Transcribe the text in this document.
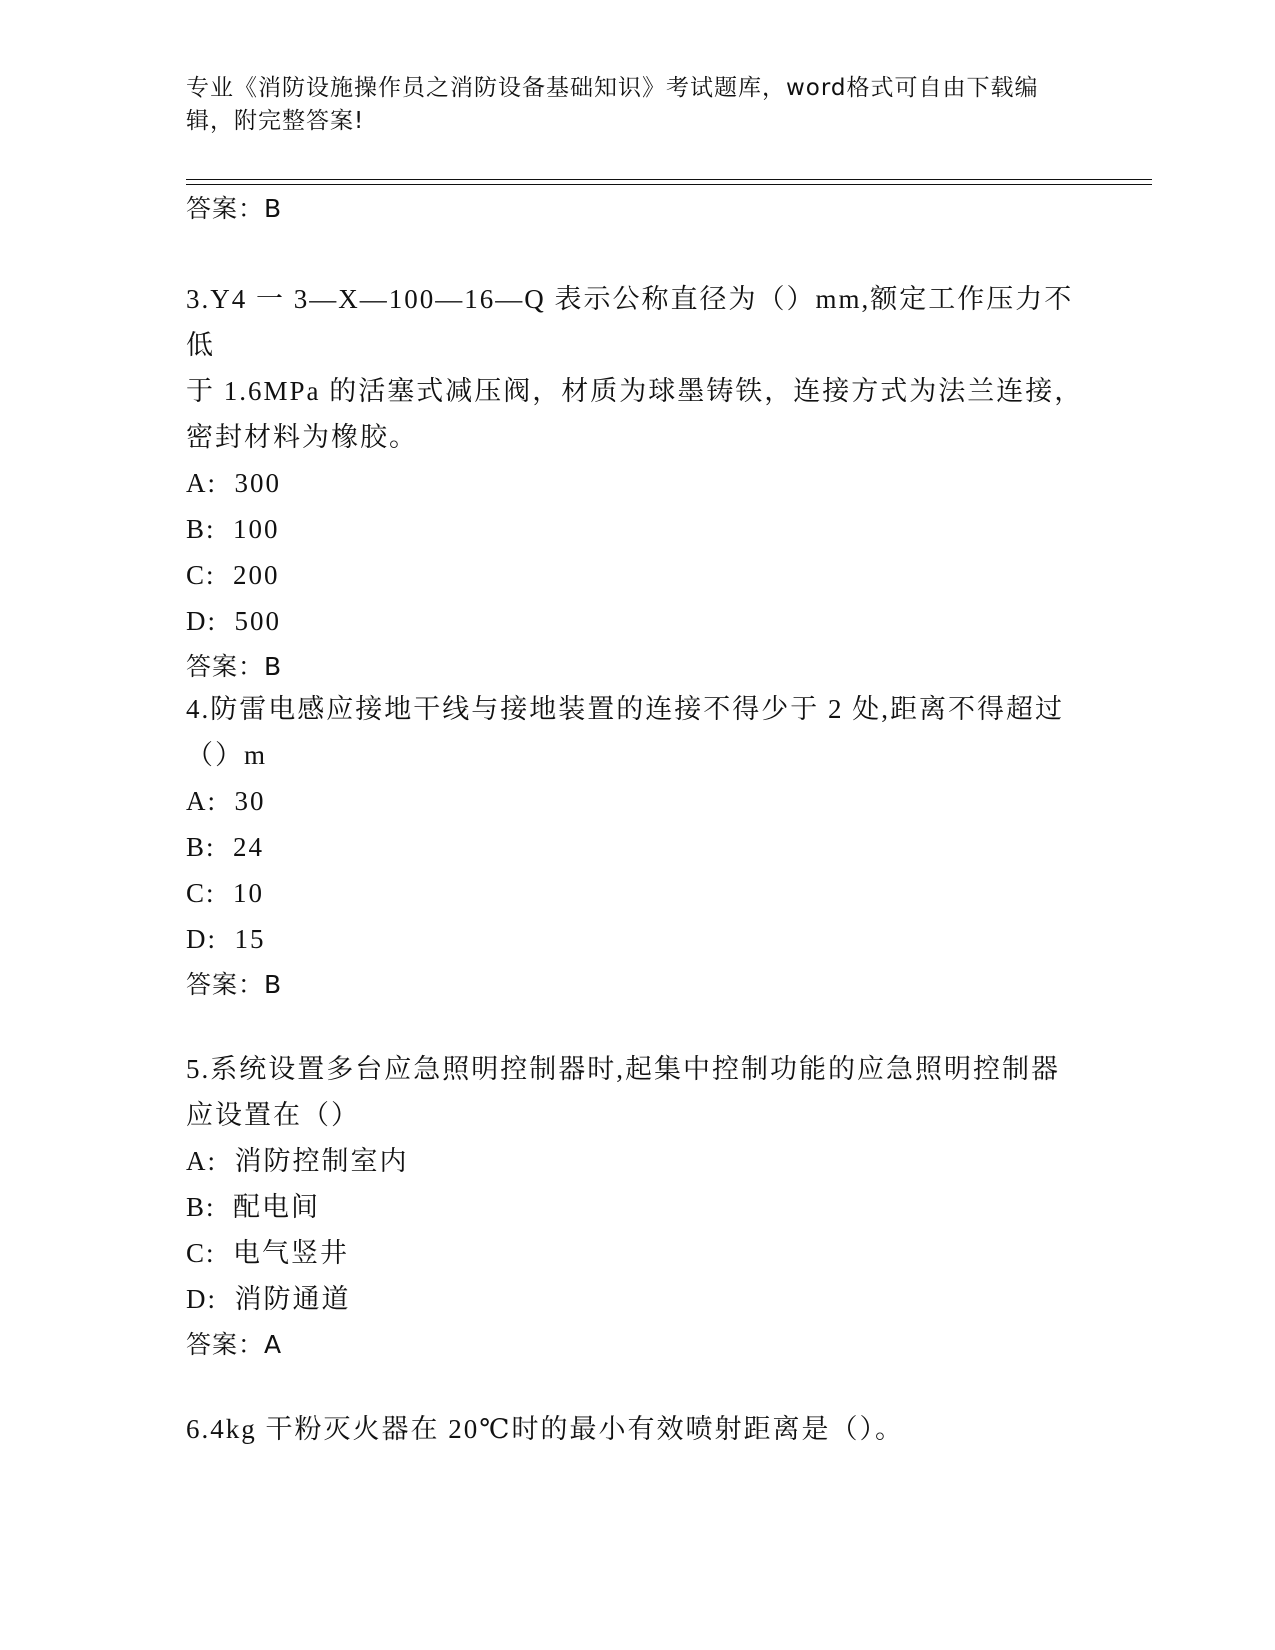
专业《消防设施操作员之消防设备基础知识》考试题库，word格式可自由下载编
辑，附完整答案!

答案：B

3.Y4 一 3—X—100—16—Q 表示公称直径为（）mm,额定工作压力不低

于 1.6MPa 的活塞式减压阀，材质为球墨铸铁，连接方式为法兰连接，

密封材料为橡胶。

A: 300

B: 100

C: 200

D: 500

答案：B

4.防雷电感应接地干线与接地装置的连接不得少于 2 处,距离不得超过

（）m

A: 30

B: 24

C: 10

D: 15

答案：B

5.系统设置多台应急照明控制器时,起集中控制功能的应急照明控制器

应设置在（）

A: 消防控制室内

B: 配电间

C: 电气竖井

D: 消防通道

答案：A

6.4kg 干粉灭火器在 20℃时的最小有效喷射距离是（）。
